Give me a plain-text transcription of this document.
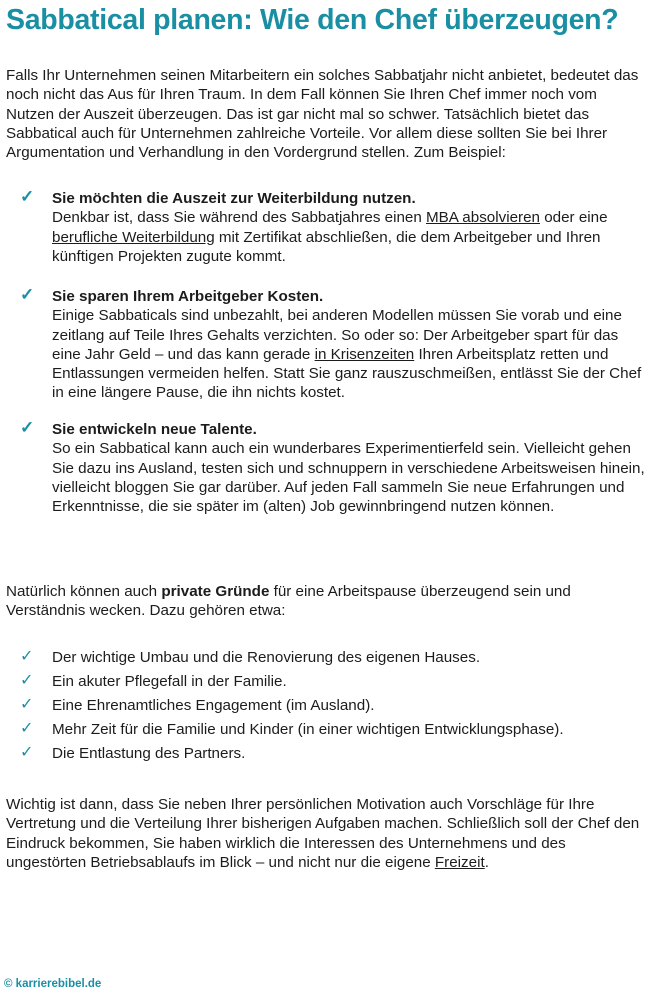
Sabbatical planen: Wie den Chef überzeugen?

Falls Ihr Unternehmen seinen Mitarbeitern ein solches Sabbatjahr nicht anbietet, bedeutet das noch nicht das Aus für Ihren Traum. In dem Fall können Sie Ihren Chef immer noch vom Nutzen der Auszeit überzeugen. Das ist gar nicht mal so schwer. Tatsächlich bietet das Sabbatical auch für Unternehmen zahlreiche Vorteile. Vor allem diese sollten Sie bei Ihrer Argumentation und Verhandlung in den Vordergrund stellen. Zum Beispiel:

✓ Sie möchten die Auszeit zur Weiterbildung nutzen.
Denkbar ist, dass Sie während des Sabbatjahres einen MBA absolvieren oder eine berufliche Weiterbildung mit Zertifikat abschließen, die dem Arbeitgeber und Ihren künftigen Projekten zugute kommt.
✓ Sie sparen Ihrem Arbeitgeber Kosten.
Einige Sabbaticals sind unbezahlt, bei anderen Modellen müssen Sie vorab und eine zeitlang auf Teile Ihres Gehalts verzichten. So oder so: Der Arbeitgeber spart für das eine Jahr Geld – und das kann gerade in Krisenzeiten Ihren Arbeitsplatz retten und Entlassungen vermeiden helfen. Statt Sie ganz rauszuschmeißen, entlässt Sie der Chef in eine längere Pause, die ihn nichts kostet.
✓ Sie entwickeln neue Talente.
So ein Sabbatical kann auch ein wunderbares Experimentierfeld sein. Vielleicht gehen Sie dazu ins Ausland, testen sich und schnuppern in verschiedene Arbeitsweisen hinein, vielleicht bloggen Sie gar darüber. Auf jeden Fall sammeln Sie neue Erfahrungen und Erkenntnisse, die sie später im (alten) Job gewinnbringend nutzen können.

Natürlich können auch private Gründe für eine Arbeitspause überzeugend sein und Verständnis wecken. Dazu gehören etwa:

✓ Der wichtige Umbau und die Renovierung des eigenen Hauses.
✓ Ein akuter Pflegefall in der Familie.
✓ Eine Ehrenamtliches Engagement (im Ausland).
✓ Mehr Zeit für die Familie und Kinder (in einer wichtigen Entwicklungsphase).
✓ Die Entlastung des Partners.

Wichtig ist dann, dass Sie neben Ihrer persönlichen Motivation auch Vorschläge für Ihre Vertretung und die Verteilung Ihrer bisherigen Aufgaben machen. Schließlich soll der Chef den Eindruck bekommen, Sie haben wirklich die Interessen des Unternehmens und des ungestörten Betriebsablaufs im Blick – und nicht nur die eigene Freizeit.

© karrierebibel.de
